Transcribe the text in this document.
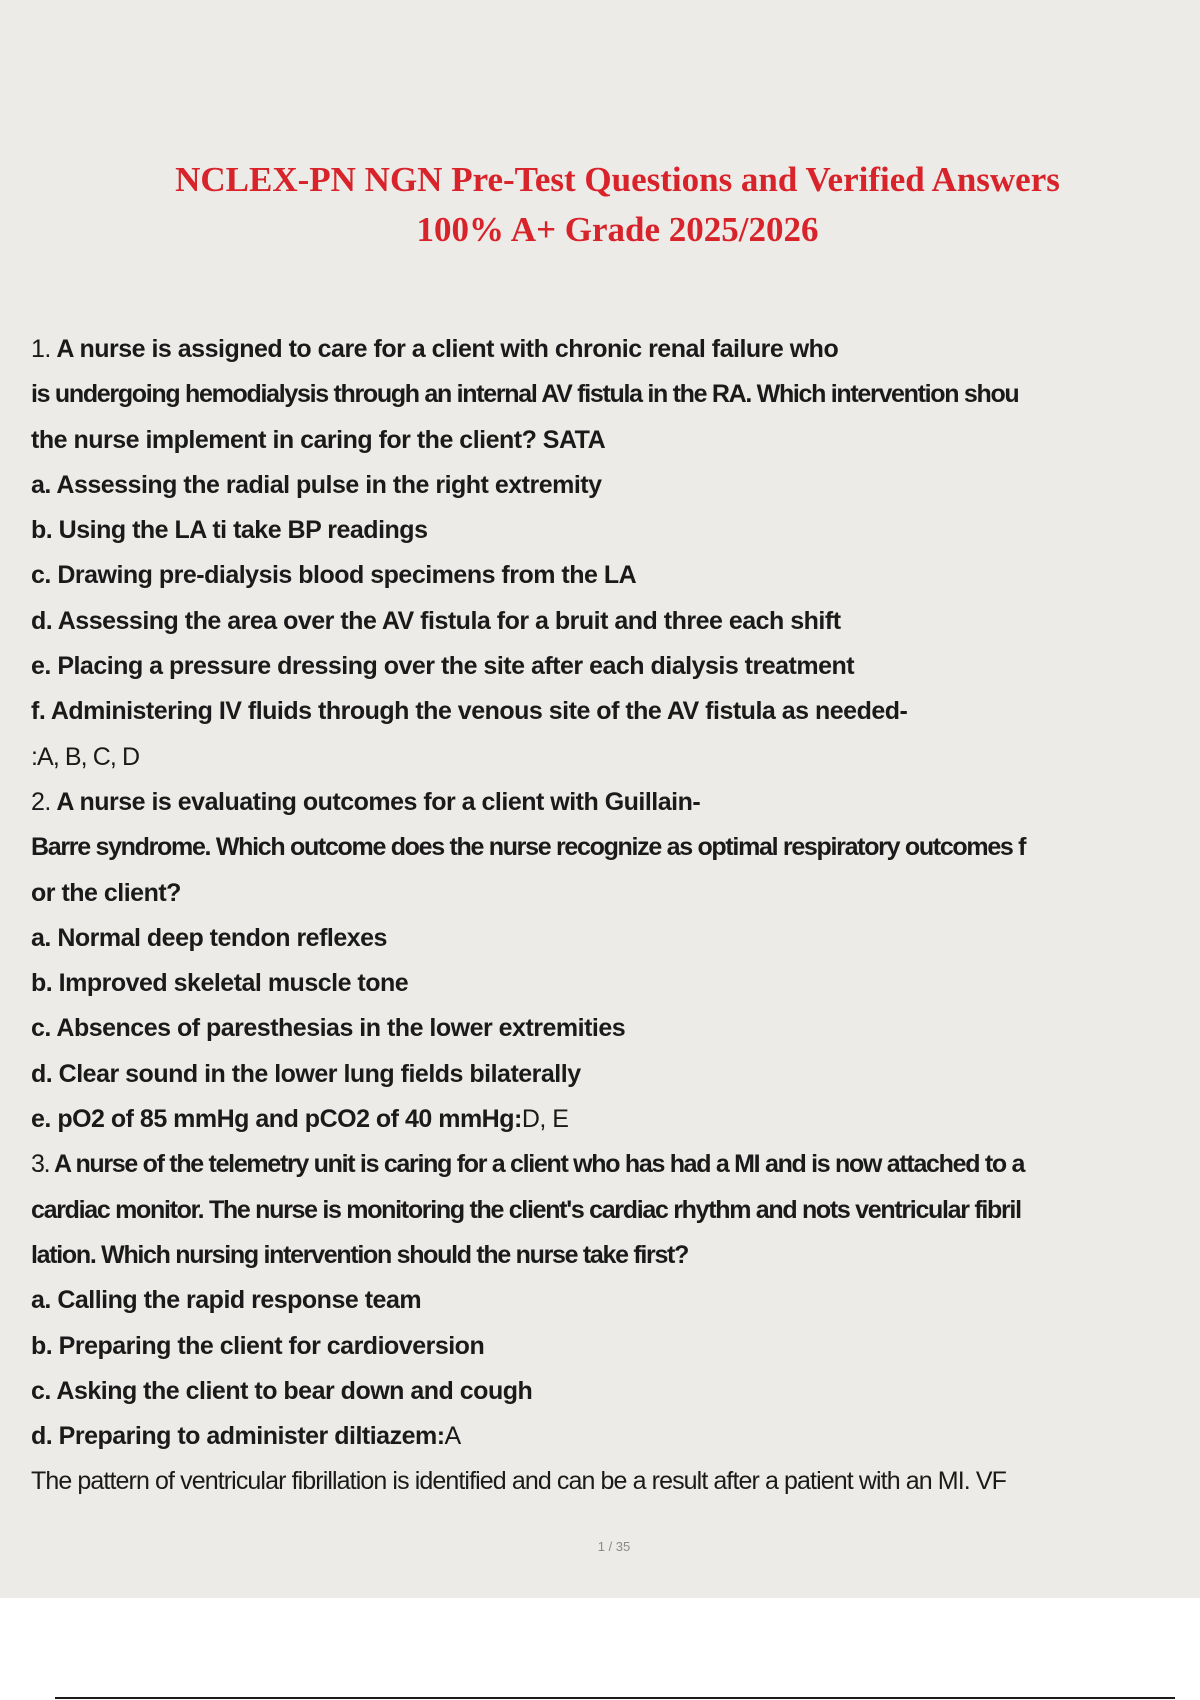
NCLEX-PN NGN Pre-Test Questions and Verified Answers
100% A+ Grade 2025/2026
1. A nurse is assigned to care for a client with chronic renal failure who
is undergoing hemodialysis through an internal AV fistula in the RA. Which intervention shou
the nurse implement in caring for the client? SATA
a. Assessing the radial pulse in the right extremity
b. Using the LA ti take BP readings
c. Drawing pre-dialysis blood specimens from the LA
d. Assessing the area over the AV fistula for a bruit and three each shift
e. Placing a pressure dressing over the site after each dialysis treatment
f. Administering IV fluids through the venous site of the AV fistula as needed-
:A, B, C, D
2. A nurse is evaluating outcomes for a client with Guillain-
Barre syndrome. Which outcome does the nurse recognize as optimal respiratory outcomes f
or the client?
a. Normal deep tendon reflexes
b. Improved skeletal muscle tone
c. Absences of paresthesias in the lower extremities
d. Clear sound in the lower lung fields bilaterally
e. pO2 of 85 mmHg and pCO2 of 40 mmHg:D, E
3. A nurse of the telemetry unit is caring for a client who has had a MI and is now attached to a
cardiac monitor. The nurse is monitoring the client's cardiac rhythm and nots ventricular fibril
lation. Which nursing intervention should the nurse take first?
a. Calling the rapid response team
b. Preparing the client for cardioversion
c. Asking the client to bear down and cough
d. Preparing to administer diltiazem:A
The pattern of ventricular fibrillation is identified and can be a result after a patient with an MI. VF
1 / 35
